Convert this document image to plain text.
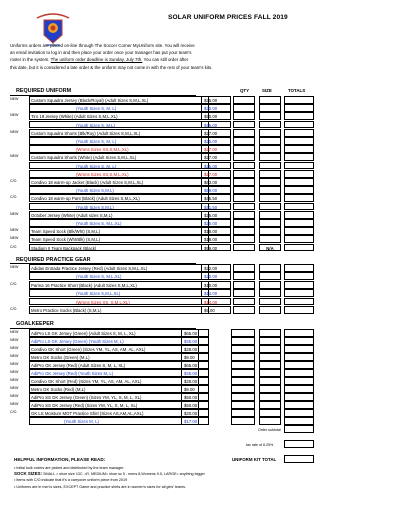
SOLAR UNIFORM PRICES FALL 2019
Uniforms orders are placed on-line through The Soccer Corner MyUniform site. You will receive
an email invitation to log in and then place your order once your manager has put your team's
roster in the system. The uniform order deadline is Sunday, July 7th. You can still order after
this date, but it is considered a late order & the uniform may not come in with the rest of your team's kits.
REQUIRED UNIFORM	QTY	SIZE	TOTALS
NEW	Custom Squadra Jersey (Black/Royal) (Adult Sizes S,M,L,XL)	$35.00
(Youth Sizes S, M, L)	$30.00
NEW	Tiro 19 Jersey (White) (Adult Sizes S,M,L,XL)	$50.00
(Youth Sizes S, M,L)	$45.00
NEW	Custom Squadra Shorts (Blk/Roy) (Adult Sizes S,M,L,XL)	$27.00
(Youth Sizes S, M, L)	$25.00
(Wmns Sizes XS,S,M,L,XL)	$27.00
NEW	Custom Squadra Shorts (White) (Adult Sizes S,M,L,XL)	$27.00
(Youth Sizes S, M, L)	$25.00
(Wmns Sizes XS,S,M,L,XL)	$27.00
C/O	Condivo 18 warm-up Jacket (Black) (Adult Sizes S,M,L,XL)	$63.00
(Youth Sizes S,M,L)	$59.00
C/O	Condivo 18 warm-up Pant (Black) (Adult Sizes S,M,L,XL)	$45.50
(Youth Sizes S,M,L)	$41.50
NEW	October Jersey (White) (Adult sizes S,M,L)	$25.00
(Youth Sizes S, M,L,XL)	$25.00
NEW	Team Speed Sock (Blk/Wht) (S,M,L)	$18.00
NEW	Team Speed Sock (Wht/Blk) (S,M,L)	$18.00
C/O	Stadium II Team Backpack (Black)	$59.00	N/A
REQUIRED PRACTICE GEAR
NEW	Adidas Entrada Practice Jersey (Red) (Adult Sizes S,M,L,XL)	$22.00
(Youth Sizes S, M,L,XL)	$20.00
C/O	Parma 16 Practice Short (Black) (Adult Sizes S,M,L,XL)	$10.00
(Youth Sizes S,M,L,XL)	$14.00
(Wmns Sizes XS, S,M,L,XL)	$14.00
C/O	Metro Practice Socks (Black) (S,M,L)	$9.00
GOALKEEPER
NEW	AdiPro LS GK Jersey (Green) (Adult Sizes S, M, L, XL)	$65.00
NEW	AdiPro LS GK Jersey (Green) (Youth Sizes M, L)	$45.00
NEW	Condivo GK Short (Green) (Sizes YM, YL, AS, AM, AL, AXL)	$28.00
NEW	Metro GK Socks (Green) (M,L)	$9.00
NEW	AdiPro GK Jersey (Red) (Adult Sizes S, M, L, XL)	$65.00
NEW	AdiPro GK Jersey (Red) (Youth Sizes M, L)	$45.00
NEW	Condivo GK Short (Red) (Sizes YM, YL, AS, AM, AL, AXL)	$28.00
NEW	Metro GK Socks (Red) (M,L)	$9.00
NEW	AdiPro SS GK Jersey (Green) (Sizes YM, YL, S, M, L, XL)	$50.00
NEW	AdiPro SS GK Jersey (Red) (Sizes YM, YL, S, M, L, XL)	$50.00
C/O	GK LS Moisture MGT Practice Shirt (Sizes AS,AM,AL,AXL)	$20.00
(Youth Sizes M, L)	$17.00
Order subtotal
tax rate of 8.25%
HELPFUL INFORMATION, PLEASE READ:	UNIFORM KIT TOTAL
• Initial bulk orders are picked and distributed by the team manager.
SOCK SIZES: SMALL = shoe size 13C -4Y, MEDIUM= shoe sz 5 - mens 8,Womens 9.5, LARGE= anything bigger
• Items with C/O indicate that it's a carryover uniform piece from 2019
• Uniforms are in men's sizes, EXCEPT Game and practice shirts are in women's sizes for all girls' teams.
